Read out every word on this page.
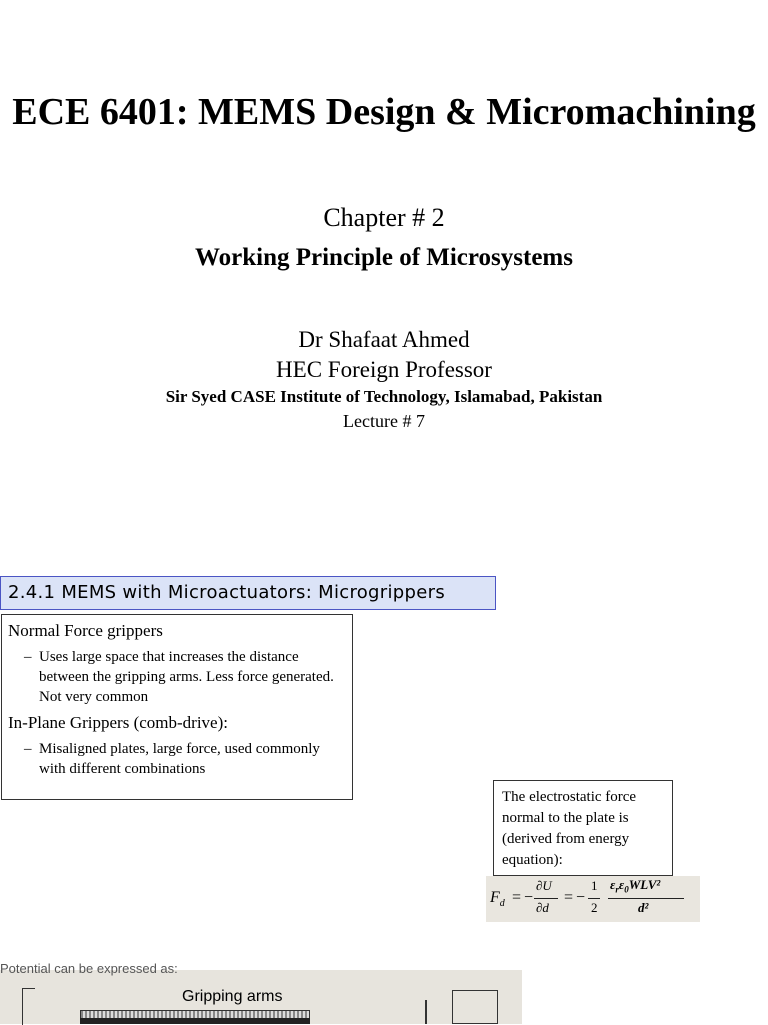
ECE 6401: MEMS Design & Micromachining
Chapter # 2
Working Principle of Microsystems
Dr Shafaat Ahmed
HEC Foreign Professor
Sir Syed CASE Institute of Technology, Islamabad, Pakistan
Lecture # 7
2.4.1 MEMS with Microactuators: Microgrippers
Normal Force grippers
– Uses large space that increases the distance between the gripping arms. Less force generated. Not very common
In-Plane Grippers (comb-drive):
– Misaligned plates, large force, used commonly with different combinations
The electrostatic force normal to the plate is (derived from energy equation):
$F_d$ = −
∂U
∂d
= −
1
2
$\varepsilon_r\varepsilon_0WLV^2$
d²
Potential can be expressed as:
Gripping arms
